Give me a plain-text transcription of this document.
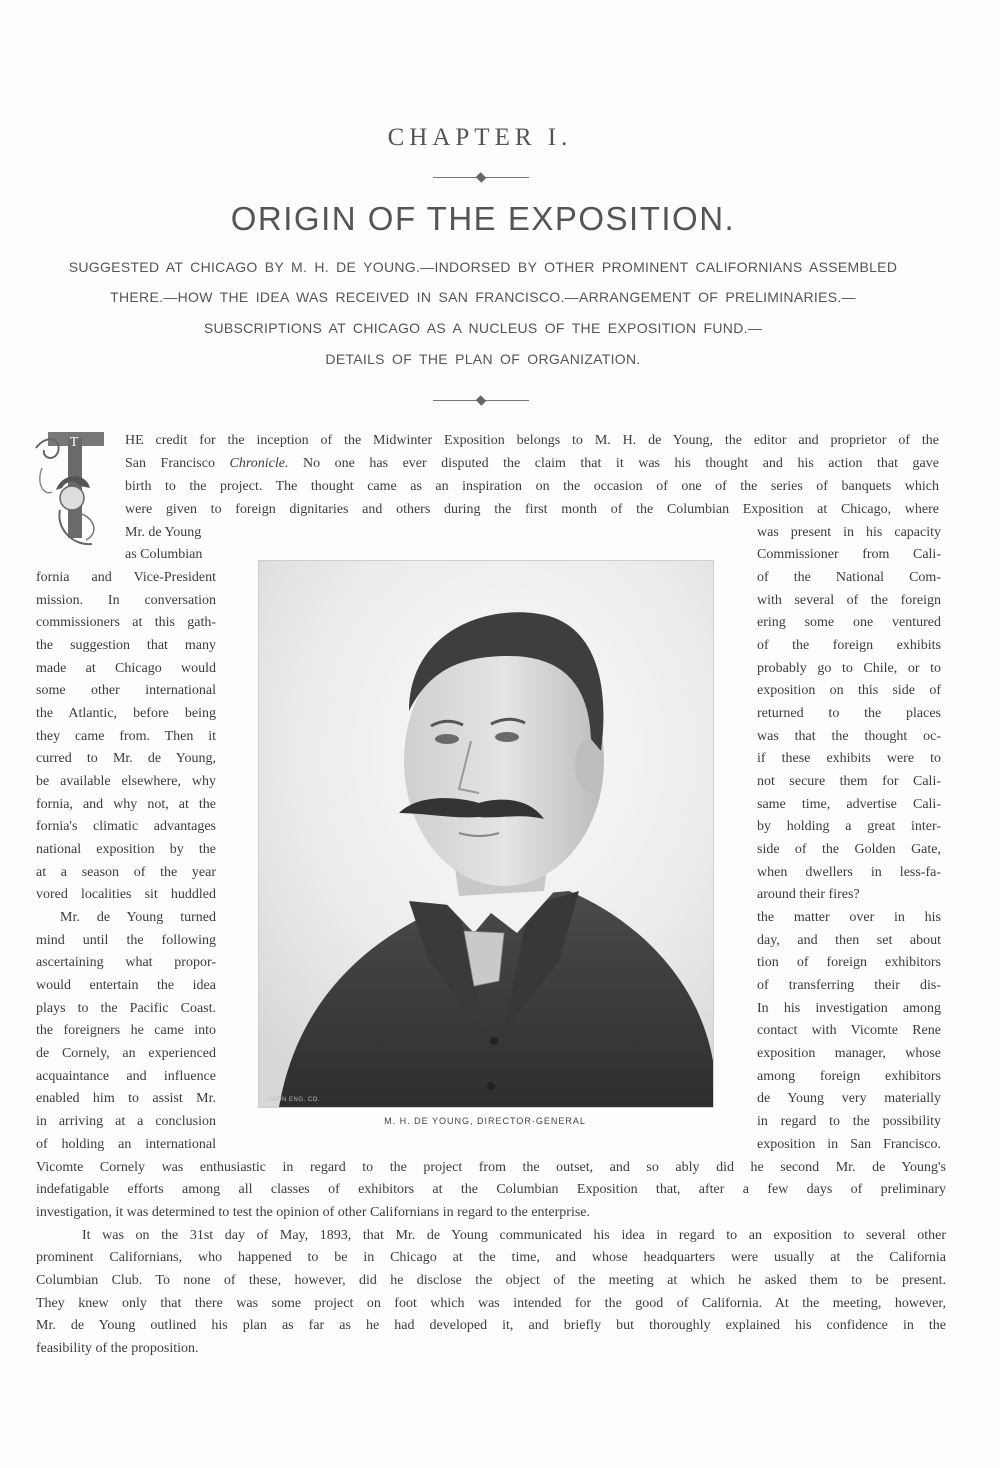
CHAPTER I.
ORIGIN OF THE EXPOSITION.
SUGGESTED AT CHICAGO BY M. H. DE YOUNG.—INDORSED BY OTHER PROMINENT CALIFORNIANS ASSEMBLED
THERE.—HOW THE IDEA WAS RECEIVED IN SAN FRANCISCO.—ARRANGEMENT OF PRELIMINARIES.—
SUBSCRIPTIONS AT CHICAGO AS A NUCLEUS OF THE EXPOSITION FUND.—
DETAILS OF THE PLAN OF ORGANIZATION.
T	HE credit for the inception of the Midwinter Exposition belongs to M. H. de Young, the editor and proprietor of the
San Francisco Chronicle. No one has ever disputed the claim that it was his thought and his action that gave
birth to the project. The thought came as an inspiration on the occasion of one of the series of banquets which
were given to foreign dignitaries and others during the first month of the Columbian Exposition at Chicago, where
Mr. de Young
as Columbian
fornia and Vice-President
mission. In conversation
commissioners at this gath-
the suggestion that many
made at Chicago would
some other international
the Atlantic, before being
they came from. Then it
curred to Mr. de Young,
be available elsewhere, why
fornia, and why not, at the
fornia's climatic advantages
national exposition by the
at a season of the year
vored localities sit huddled
Mr. de Young turned
mind until the following
ascertaining what propor-
would entertain the idea
plays to the Pacific Coast.
the foreigners he came into
de Cornely, an experienced
acquaintance and influence
enabled him to assist Mr.
in arriving at a conclusion
of holding an international
was present in his capacity
Commissioner from Cali-
of the National Com-
with several of the foreign
ering some one ventured
of the foreign exhibits
probably go to Chile, or to
exposition on this side of
returned to the places
was that the thought oc-
if these exhibits were to
not secure them for Cali-
same time, advertise Cali-
by holding a great inter-
side of the Golden Gate,
when dwellers in less-fa-
around their fires?
the matter over in his
day, and then set about
tion of foreign exhibitors
of transferring their dis-
In his investigation among
contact with Vicomte Rene
exposition manager, whose
among foreign exhibitors
de Young very materially
in regard to the possibility
exposition in San Francisco.
UNION ENG. CO.
M. H. DE YOUNG, DIRECTOR-GENERAL
Vicomte Cornely was enthusiastic in regard to the project from the outset, and so ably did he second Mr. de Young's
indefatigable efforts among all classes of exhibitors at the Columbian Exposition that, after a few days of preliminary
investigation, it was determined to test the opinion of other Californians in regard to the enterprise.
It was on the 31st day of May, 1893, that Mr. de Young communicated his idea in regard to an exposition to several other
prominent Californians, who happened to be in Chicago at the time, and whose headquarters were usually at the California
Columbian Club. To none of these, however, did he disclose the object of the meeting at which he asked them to be present.
They knew only that there was some project on foot which was intended for the good of California. At the meeting, however,
Mr. de Young outlined his plan as far as he had developed it, and briefly but thoroughly explained his confidence in the
feasibility of the proposition.
